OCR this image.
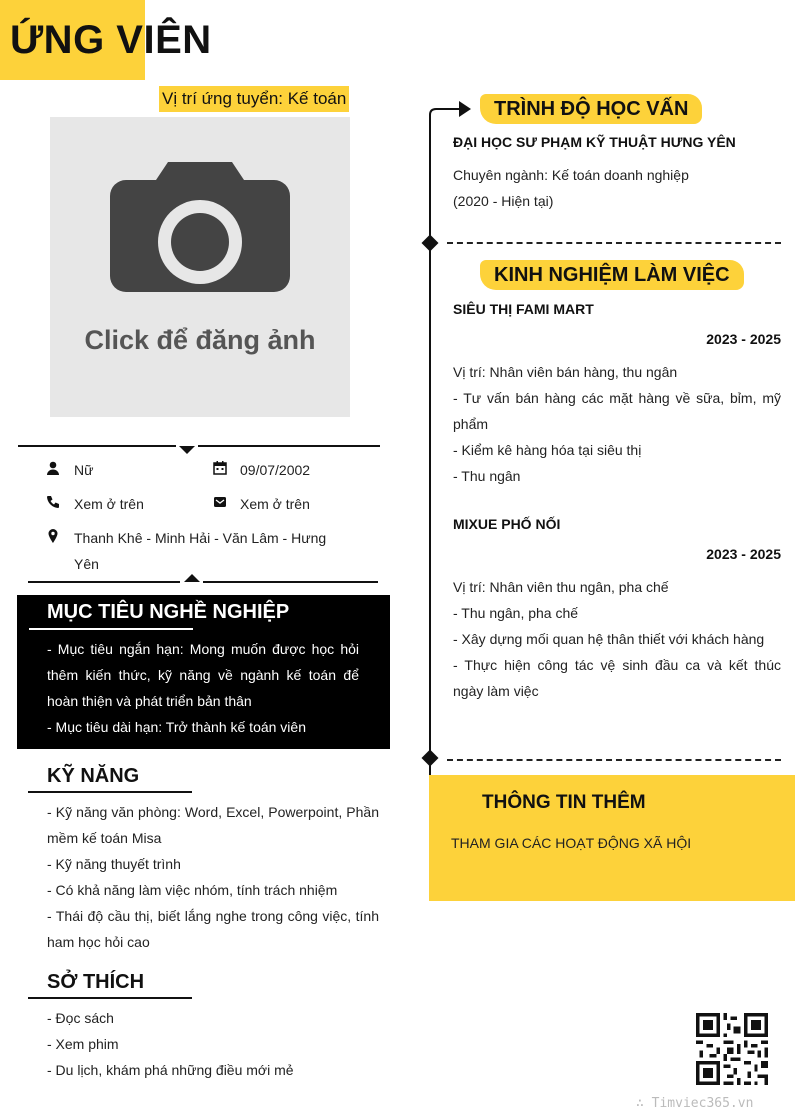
ỨNG VIÊN
Vị trí ứng tuyển: Kế toán
Click để đăng ảnh
Nữ	09/07/2002
Xem ở trên	Xem ở trên
Thanh Khê - Minh Hải - Văn Lâm - Hưng
Yên
MỤC TIÊU NGHỀ NGHIỆP
- Mục tiêu ngắn hạn: Mong muốn được học hỏi thêm kiến thức, kỹ năng về ngành kế toán để hoàn thiện và phát triển bản thân
- Mục tiêu dài hạn: Trở thành kế toán viên
KỸ NĂNG
- Kỹ năng văn phòng: Word, Excel, Powerpoint, Phần mềm kế toán Misa
- Kỹ năng thuyết trình
- Có khả năng làm việc nhóm, tính trách nhiệm
- Thái độ cầu thị, biết lắng nghe trong công việc, tính ham học hỏi cao
SỞ THÍCH
- Đọc sách
- Xem phim
- Du lịch, khám phá những điều mới mẻ
TRÌNH ĐỘ HỌC VẤN
ĐẠI HỌC SƯ PHẠM KỸ THUẬT HƯNG YÊN
Chuyên ngành: Kế toán doanh nghiệp
(2020 - Hiện tại)
KINH NGHIỆM LÀM VIỆC
SIÊU THỊ FAMI MART
2023 - 2025
Vị trí: Nhân viên bán hàng, thu ngân
- Tư vấn bán hàng các mặt hàng về sữa, bỉm, mỹ phẩm
- Kiểm kê hàng hóa tại siêu thị
- Thu ngân
MIXUE PHỐ NỐI
2023 - 2025
Vị trí: Nhân viên thu ngân, pha chế
- Thu ngân, pha chế
- Xây dựng mối quan hệ thân thiết với khách hàng
- Thực hiện công tác vệ sinh đầu ca và kết thúc ngày làm việc
THÔNG TIN THÊM
THAM GIA CÁC HOẠT ĐỘNG XÃ HỘI
∴ Timviec365.vn
